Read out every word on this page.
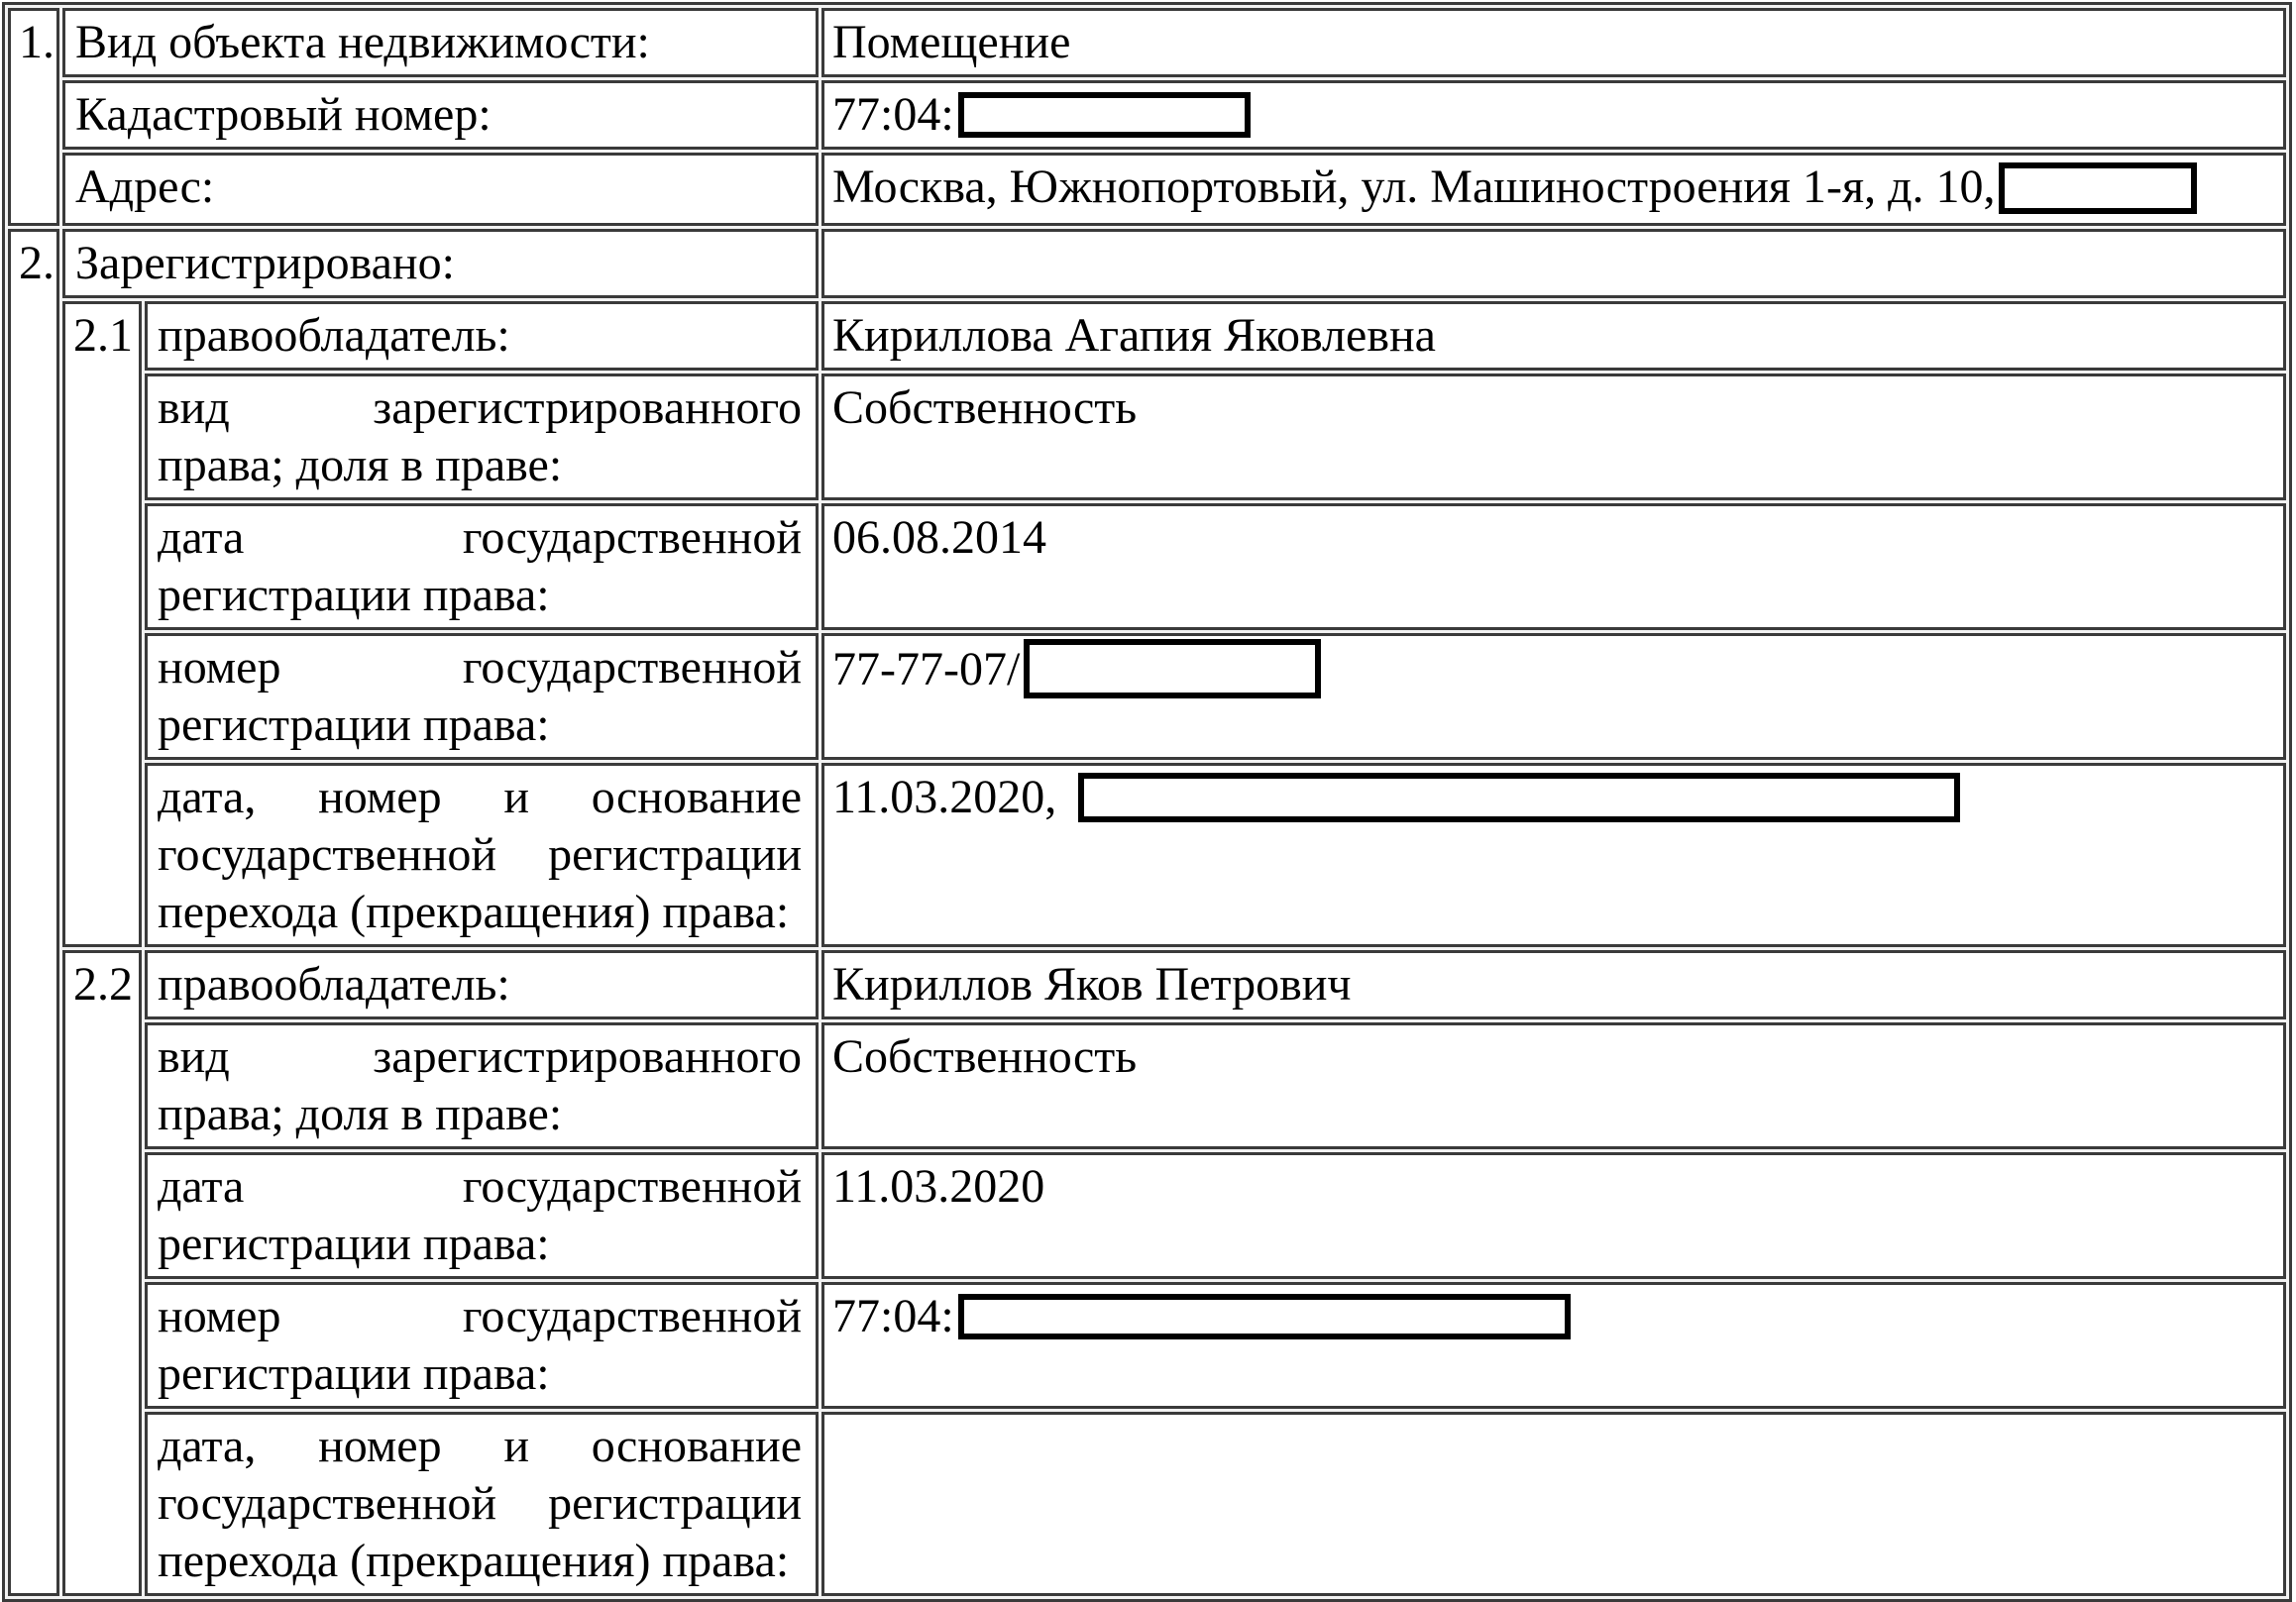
1.	Вид объекта недвижимости:		Помещение
	Кадастровый номер:		77:04:
	Адрес:		Москва, Южнопортовый, ул. Машиностроения 1-я, д. 10,
2.	Зарегистрировано:		
	2.1	правообладатель:	Кириллова Агапия Яковлевна
		вид зарегистрированного права; доля в праве:	Собственность
		дата государственной регистрации права:	06.08.2014
		номер государственной регистрации права:	77-77-07/
		дата, номер и основание государственной регистрации перехода (прекращения) права:	11.03.2020,
	2.2	правообладатель:	Кириллов Яков Петрович
		вид зарегистрированного права; доля в праве:	Собственность
		дата государственной регистрации права:	11.03.2020
		номер государственной регистрации права:	77:04:
		дата, номер и основание государственной регистрации перехода (прекращения) права:	
